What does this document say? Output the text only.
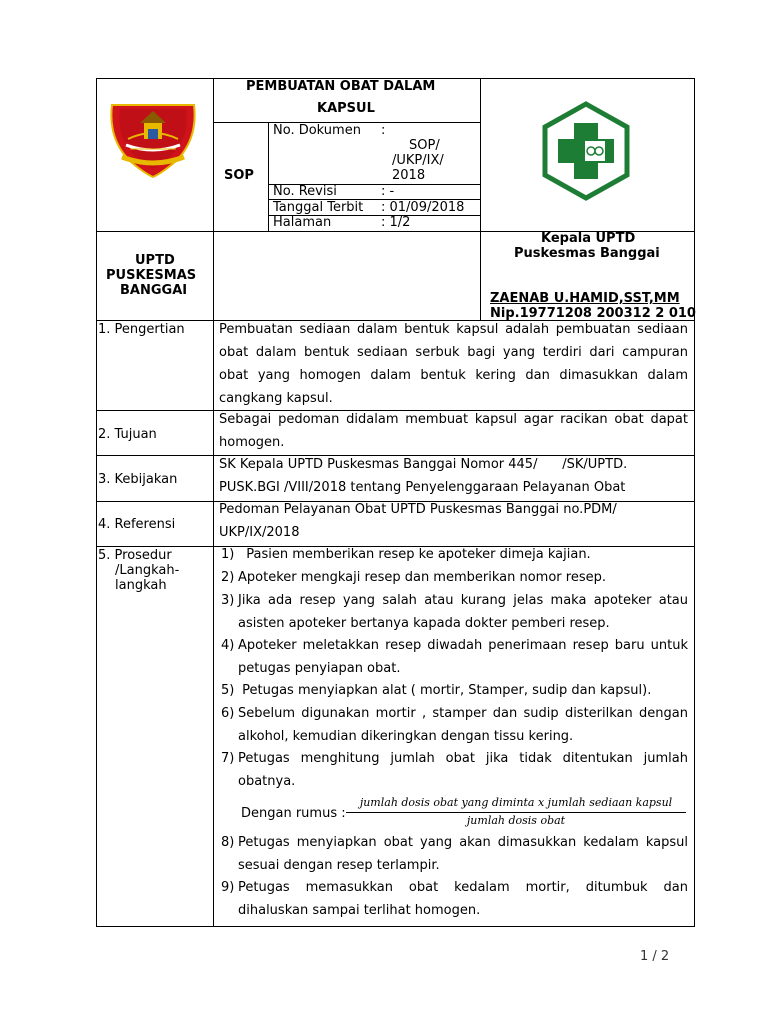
PEMBUATAN OBAT DALAM
KAPSUL
SOP
No. Dokumen :
SOP/
/UKP/IX/
2018
No. Revisi	: -
Tanggal Terbit : 01/09/2018
Halaman	: 1/2
UPTD
PUSKESMAS
BANGGAI
Kepala UPTD
Puskesmas Banggai
ZAENAB U.HAMID,SST,MM
Nip.19771208 200312 2 010
1. Pengertian	Pembuatan sediaan dalam bentuk kapsul adalah pembuatan sediaan obat dalam bentuk sediaan serbuk bagi yang terdiri dari campuran obat yang homogen dalam bentuk kering dan dimasukkan dalam cangkang kapsul.
2. Tujuan
Sebagai pedoman didalam membuat kapsul agar racikan obat dapat homogen.
3. Kebijakan
SK Kepala UPTD Puskesmas Banggai Nomor 445/      /SK/UPTD.
PUSK.BGI /VIII/2018 tentang Penyelenggaraan Pelayanan Obat
4. Referensi
Pedoman Pelayanan Obat UPTD Puskesmas Banggai no.PDM/
UKP/IX/2018
5. Prosedur
/Langkah-
langkah
1) Pasien memberikan resep ke apoteker dimeja kajian.
2) Apoteker mengkaji resep dan memberikan nomor resep.
3) Jika ada resep yang salah atau kurang jelas maka apoteker atau asisten apoteker bertanya kapada dokter pemberi resep.
4) Apoteker meletakkan resep diwadah penerimaan resep baru untuk petugas penyiapan obat.
5) Petugas menyiapkan alat ( mortir, Stamper, sudip dan kapsul).
6) Sebelum digunakan mortir , stamper dan sudip disterilkan dengan alkohol, kemudian dikeringkan dengan tissu kering.
7) Petugas menghitung jumlah obat jika tidak ditentukan jumlah obatnya.
Dengan rumus :
jumlah dosis obat yang diminta x jumlah sediaan kapsul
jumlah dosis obat
8) Petugas menyiapkan obat yang akan dimasukkan kedalam kapsul sesuai dengan resep terlampir.
9) Petugas memasukkan obat kedalam mortir, ditumbuk dan dihaluskan sampai terlihat homogen.
1 / 2
